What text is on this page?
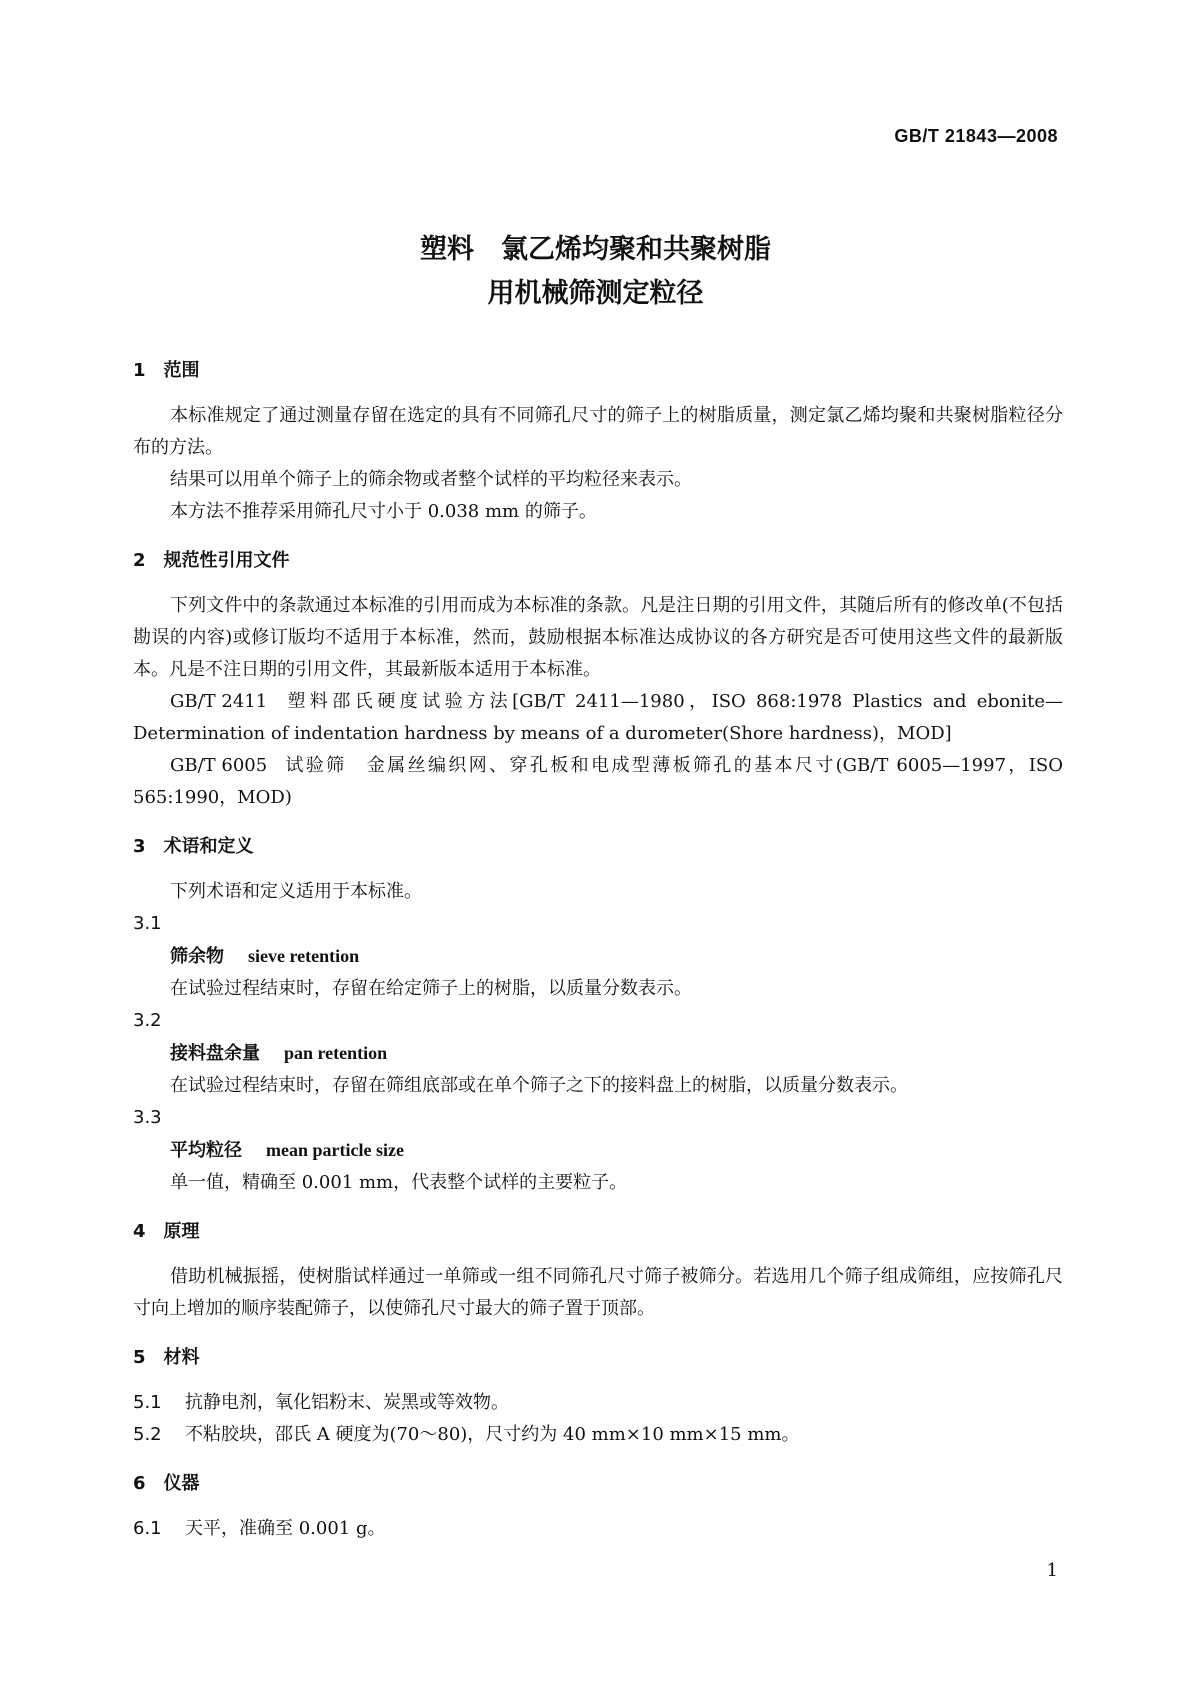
GB/T 21843—2008
塑料　氯乙烯均聚和共聚树脂
用机械筛测定粒径
1　范围

本标准规定了通过测量存留在选定的具有不同筛孔尺寸的筛子上的树脂质量，测定氯乙烯均聚和共聚树脂粒径分布的方法。

结果可以用单个筛子上的筛余物或者整个试样的平均粒径来表示。

本方法不推荐采用筛孔尺寸小于 0.038 mm 的筛子。

2　规范性引用文件

下列文件中的条款通过本标准的引用而成为本标准的条款。凡是注日期的引用文件，其随后所有的修改单(不包括勘误的内容)或修订版均不适用于本标准，然而，鼓励根据本标准达成协议的各方研究是否可使用这些文件的最新版本。凡是不注日期的引用文件，其最新版本适用于本标准。

GB/T 2411 塑料邵氏硬度试验方法[GB/T 2411—1980，ISO 868:1978 Plastics and ebonite—Determination of indentation hardness by means of a durometer(Shore hardness)，MOD]

GB/T 6005 试验筛　金属丝编织网、穿孔板和电成型薄板筛孔的基本尺寸(GB/T 6005—1997，ISO 565:1990，MOD)

3　术语和定义

下列术语和定义适用于本标准。

3.1
筛余物 sieve retention

在试验过程结束时，存留在给定筛子上的树脂，以质量分数表示。

3.2
接料盘余量 pan retention

在试验过程结束时，存留在筛组底部或在单个筛子之下的接料盘上的树脂，以质量分数表示。

3.3
平均粒径 mean particle size

单一值，精确至 0.001 mm，代表整个试样的主要粒子。

4　原理

借助机械振摇，使树脂试样通过一单筛或一组不同筛孔尺寸筛子被筛分。若选用几个筛子组成筛组，应按筛孔尺寸向上增加的顺序装配筛子，以使筛孔尺寸最大的筛子置于顶部。

5　材料

5.1 抗静电剂，氧化铝粉末、炭黑或等效物。

5.2 不粘胶块，邵氏 A 硬度为(70～80)，尺寸约为 40 mm×10 mm×15 mm。

6　仪器

6.1 天平，准确至 0.001 g。

1
